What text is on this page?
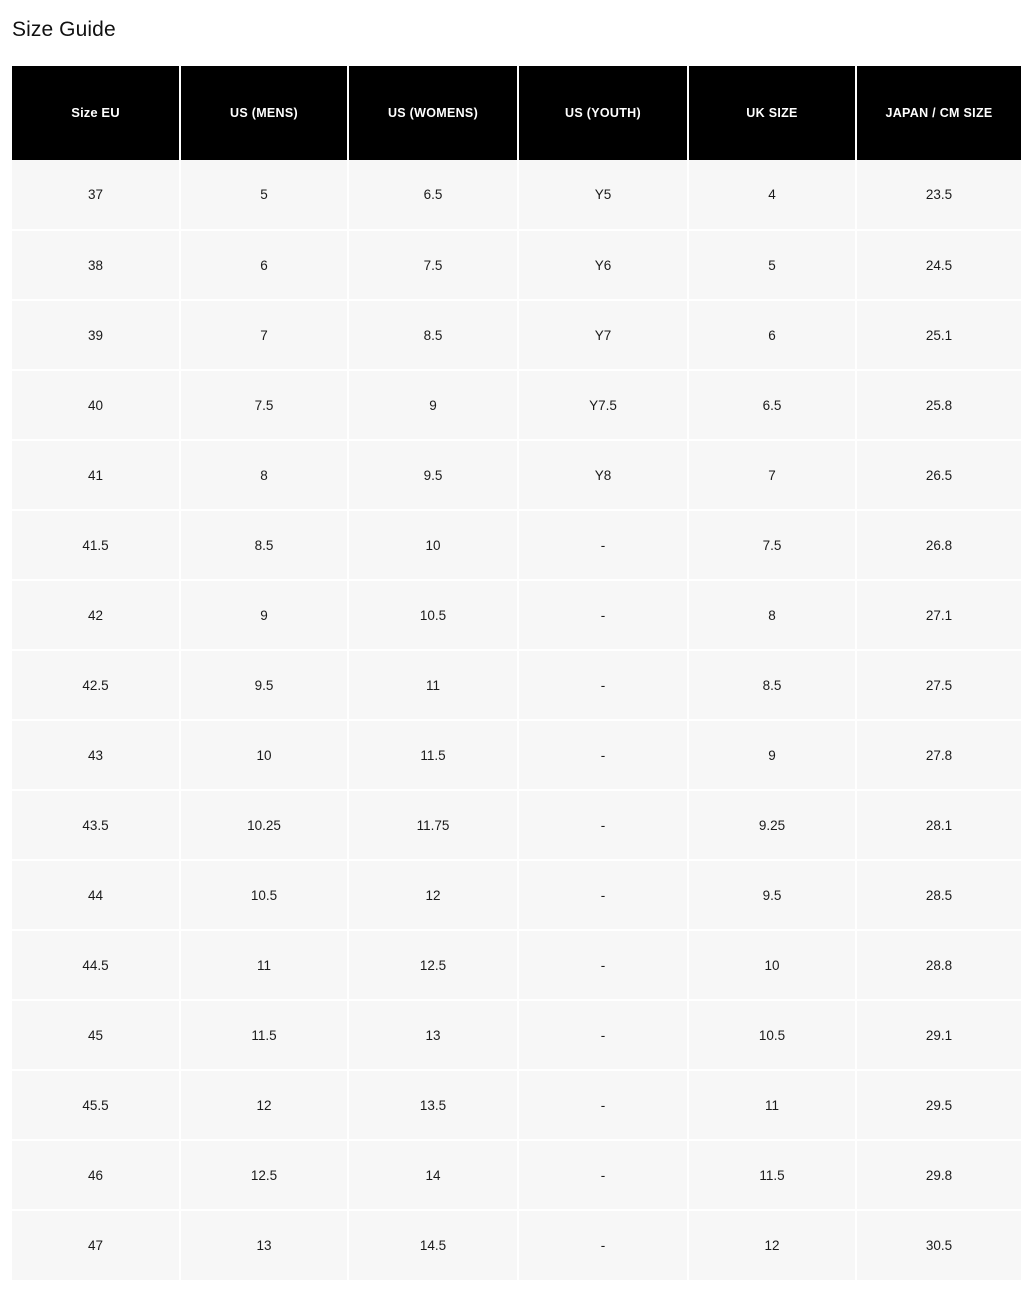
Size Guide
Size EU	US (MENS)	US (WOMENS)	US (YOUTH)	UK SIZE	JAPAN / CM SIZE
37	5	6.5	Y5	4	23.5
38	6	7.5	Y6	5	24.5
39	7	8.5	Y7	6	25.1
40	7.5	9	Y7.5	6.5	25.8
41	8	9.5	Y8	7	26.5
41.5	8.5	10	-	7.5	26.8
42	9	10.5	-	8	27.1
42.5	9.5	11	-	8.5	27.5
43	10	11.5	-	9	27.8
43.5	10.25	11.75	-	9.25	28.1
44	10.5	12	-	9.5	28.5
44.5	11	12.5	-	10	28.8
45	11.5	13	-	10.5	29.1
45.5	12	13.5	-	11	29.5
46	12.5	14	-	11.5	29.8
47	13	14.5	-	12	30.5
